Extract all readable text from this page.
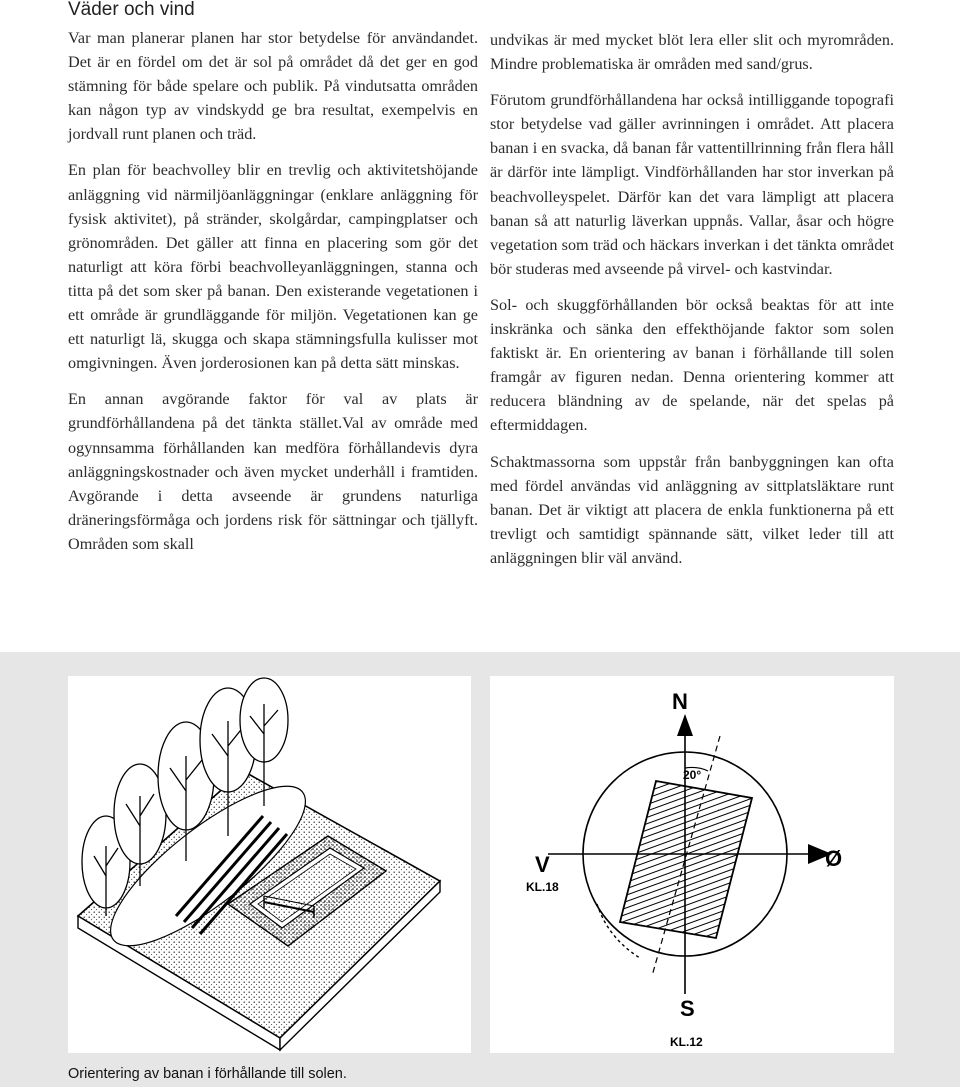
Väder och vind

Var man planerar planen har stor betydelse för användandet. Det är en fördel om det är sol på området då det ger en god stämning för både spelare och publik. På vindutsatta områden kan någon typ av vindskydd ge bra resultat, exempelvis en jordvall runt planen och träd.

En plan för beachvolley blir en trevlig och aktivitetshöjande anläggning vid närmiljöanläggningar (enklare anläggning för fysisk aktivitet), på stränder, skolgårdar, campingplatser och grönområden. Det gäller att finna en placering som gör det naturligt att köra förbi beachvolleyanläggningen, stanna och titta på det som sker på banan. Den existerande vegetationen i ett område är grundläggande för miljön. Vegetationen kan ge ett naturligt lä, skugga och skapa stämningsfulla kulisser mot omgivningen. Även jorderosionen kan på detta sätt minskas.

En annan avgörande faktor för val av plats är grundförhållandena på det tänkta stället.Val av område med ogynnsamma förhållanden kan medföra förhållandevis dyra anläggningskostnader och även mycket underhåll i framtiden. Avgörande i detta avseende är grundens naturliga dräneringsförmåga och jordens risk för sättningar och tjällyft. Områden som skall

undvikas är med mycket blöt lera eller slit och myrområden. Mindre problematiska är områden med sand/grus.

Förutom grundförhållandena har också intilliggande topografi stor betydelse vad gäller avrinningen i området. Att placera banan i en svacka, då banan får vattentillrinning från flera håll är därför inte lämpligt. Vindförhållanden har stor inverkan på beachvolleyspelet. Därför kan det vara lämpligt att placera banan så att naturlig läverkan uppnås. Vallar, åsar och högre vegetation som träd och häckars inverkan i det tänkta området bör studeras med avseende på virvel- och kastvindar.

Sol- och skuggförhållanden bör också beaktas för att inte inskränka och sänka den effekthöjande faktor som solen faktiskt är. En orientering av banan i förhållande till solen framgår av figuren nedan. Denna orientering kommer att reducera bländning av de spelande, när det spelas på eftermiddagen.

Schaktmassorna som uppstår från banbyggningen kan ofta med fördel användas vid anläggning av sittplatsläktare runt banan. Det är viktigt att placera de enkla funktionerna på ett trevligt och samtidigt spännande sätt, vilket leder till att anläggningen blir väl använd.

N
Ø
S
V
20°
KL.18
KL.12

Orientering av banan i förhållande till solen.
